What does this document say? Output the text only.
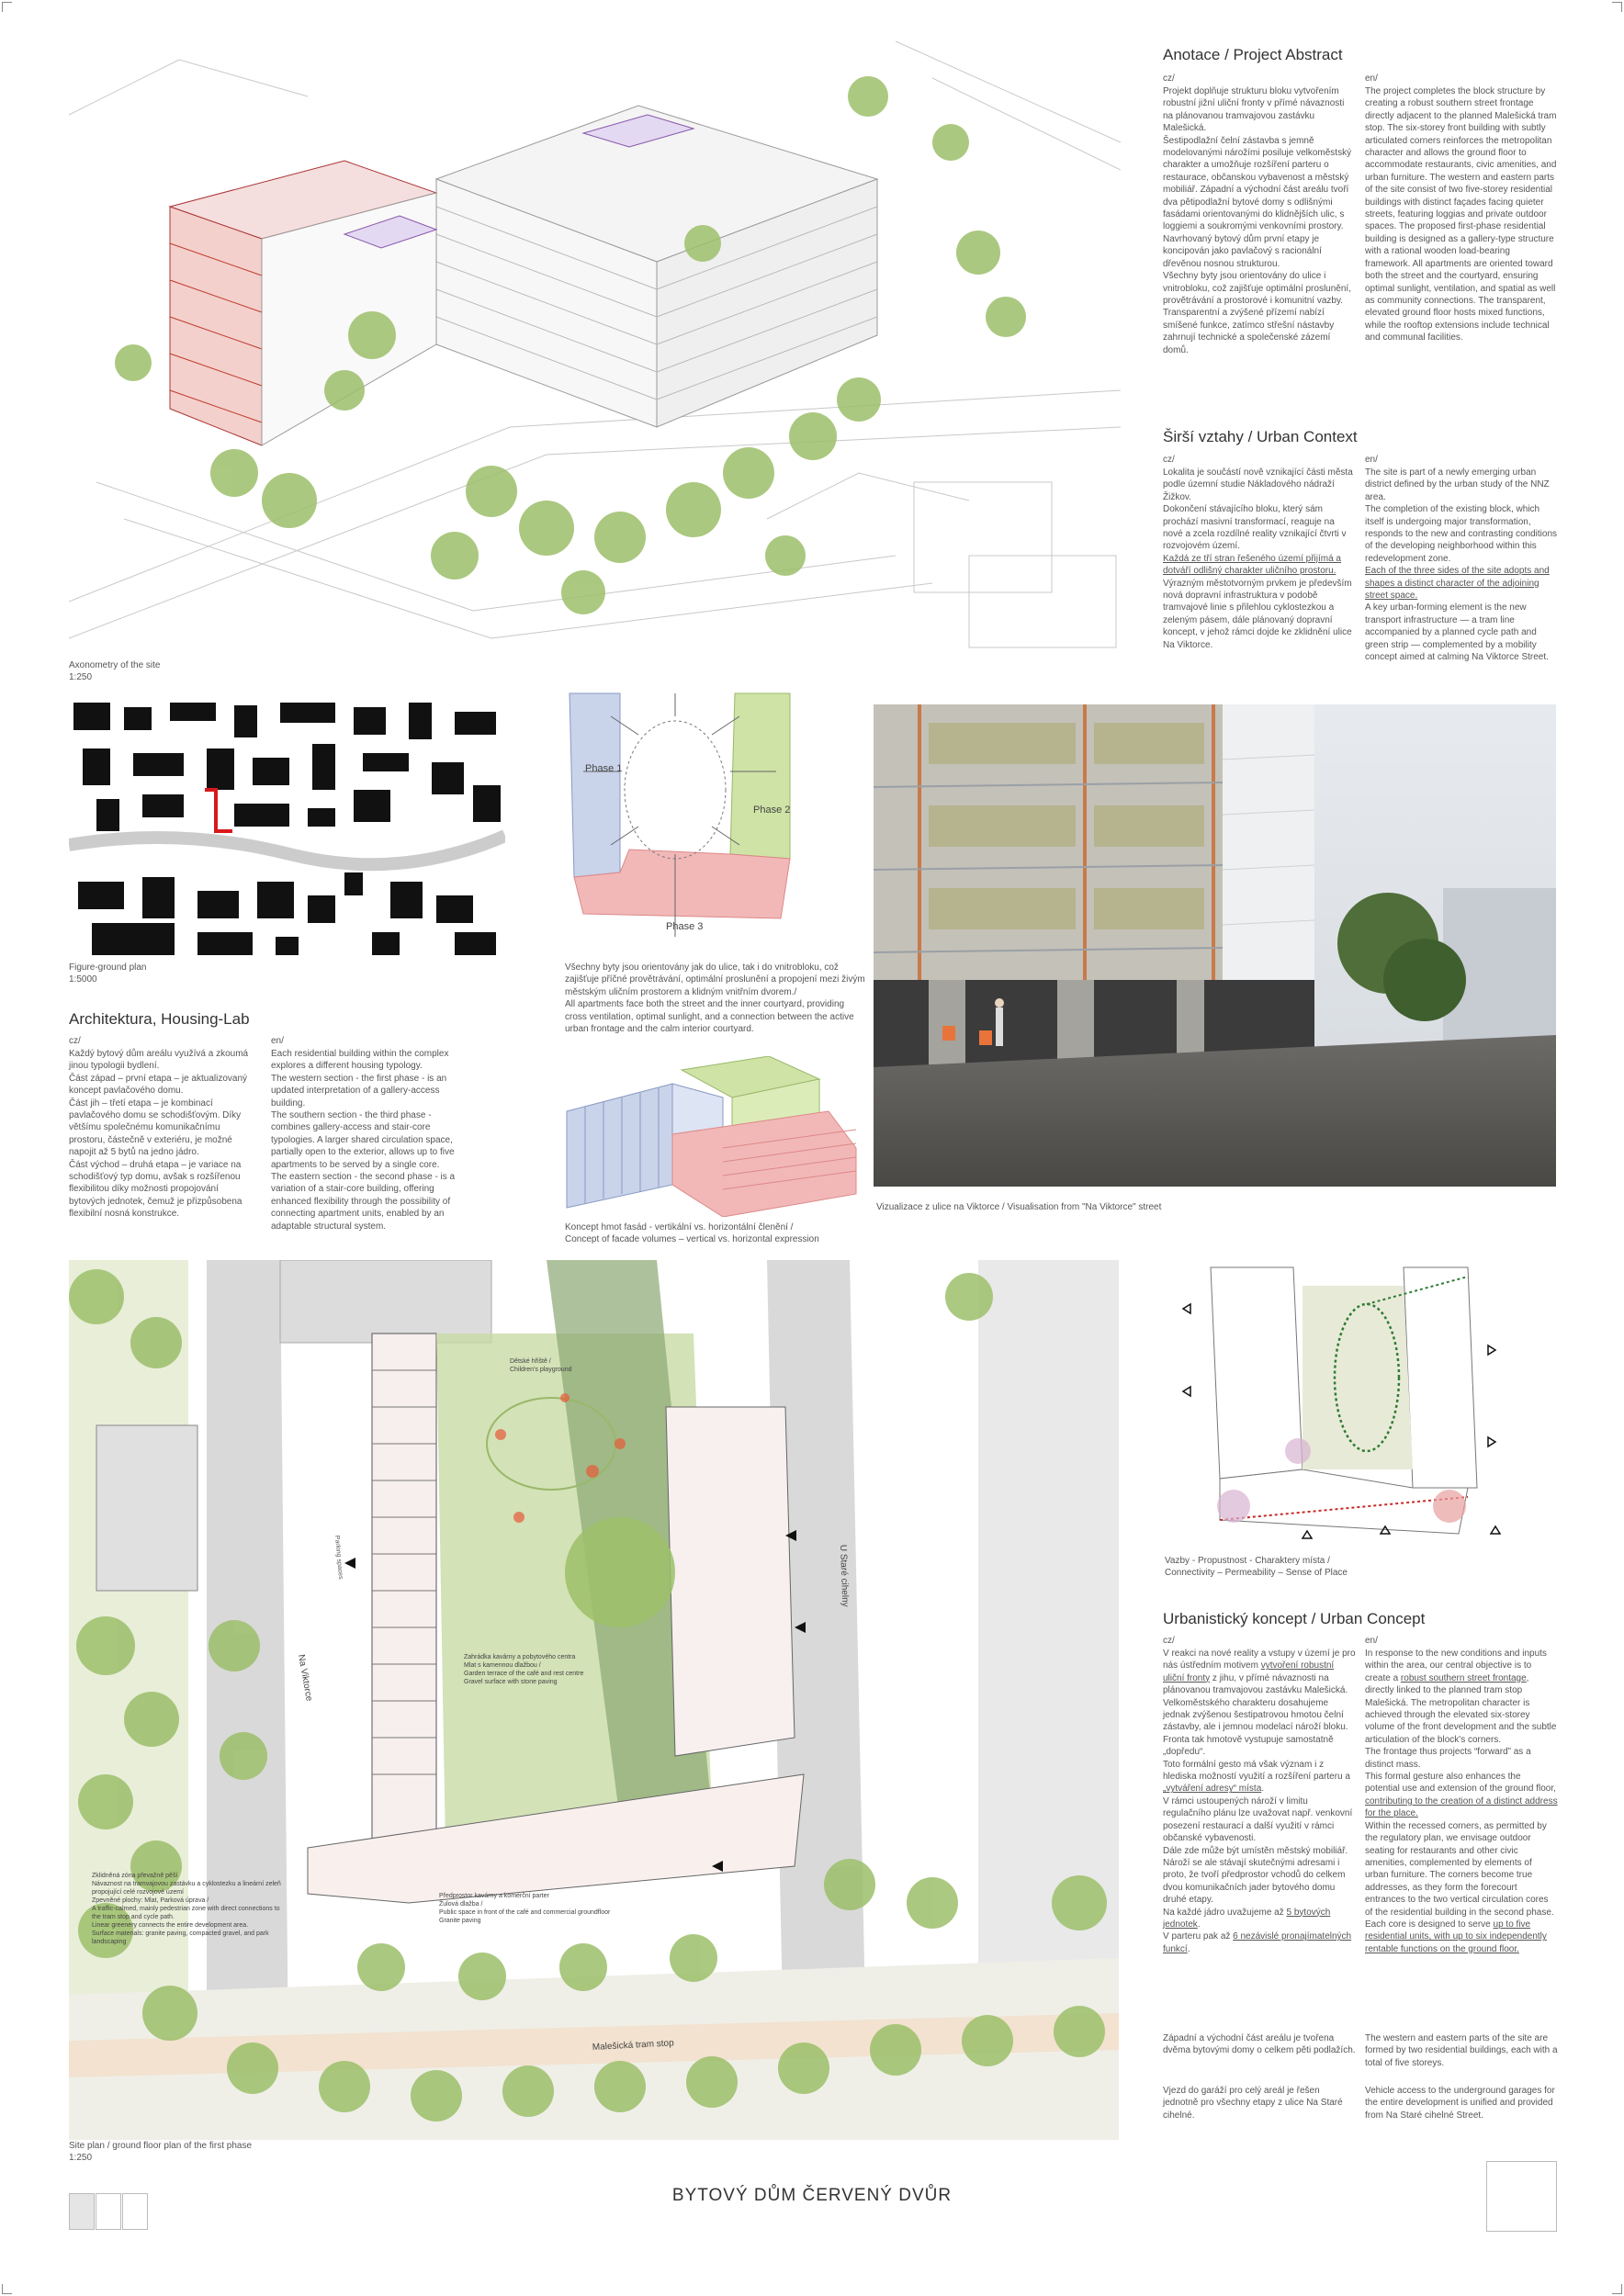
Axonometry of the site
1:250
Anotace / Project Abstract
cz/	en/
Projekt doplňuje strukturu bloku vytvořením robustní jižní uliční fronty v přímé návaznosti na plánovanou tramvajovou zastávku Malešická.
Šestipodlažní čelní zástavba s jemně modelovanými nárožími posiluje velkoměstský charakter a umožňuje rozšíření parteru o restaurace, občanskou vybavenost a městský mobiliář. Západní a východní část areálu tvoří dva pětipodlažní bytové domy s odlišnými fasádami orientovanými do klidnějších ulic, s loggiemi a soukromými venkovními prostory. Navrhovaný bytový dům první etapy je koncipován jako pavlačový s racionální dřevěnou nosnou strukturou.
Všechny byty jsou orientovány do ulice i vnitrobloku, což zajišťuje optimální proslunění, provětrávání a prostorové i komunitní vazby. Transparentní a zvýšené přízemí nabízí smíšené funkce, zatímco střešní nástavby zahrnují technické a společenské zázemí domů.
The project completes the block structure by creating a robust southern street frontage directly adjacent to the planned Malešická tram stop. The six-storey front building with subtly articulated corners reinforces the metropolitan character and allows the ground floor to accommodate restaurants, civic amenities, and urban furniture. The western and eastern parts of the site consist of two five-storey residential buildings with distinct façades facing quieter streets, featuring loggias and private outdoor spaces. The proposed first-phase residential building is designed as a gallery-type structure with a rational wooden load-bearing framework. All apartments are oriented toward both the street and the courtyard, ensuring optimal sunlight, ventilation, and spatial as well as community connections. The transparent, elevated ground floor hosts mixed functions, while the rooftop extensions include technical and communal facilities.
Širší vztahy / Urban Context
cz/	en/
Lokalita je součástí nově vznikající části města podle územní studie Nákladového nádraží Žižkov.
Dokončení stávajícího bloku, který sám prochází masivní transformací, reaguje na nové a zcela rozdílné reality vznikající čtvrti v rozvojovém území.
Každá ze tří stran řešeného území přijímá a dotváří odlišný charakter uličního prostoru.
Výrazným městotvorným prvkem je především nová dopravní infrastruktura v podobě tramvajové linie s přilehlou cyklostezkou a zeleným pásem, dále plánovaný dopravní koncept, v jehož rámci dojde ke zklidnění ulice Na Viktorce.
The site is part of a newly emerging urban district defined by the urban study of the NNZ area.
The completion of the existing block, which itself is undergoing major transformation, responds to the new and contrasting conditions of the developing neighborhood within this redevelopment zone.
Each of the three sides of the site adopts and shapes a distinct character of the adjoining street space.
A key urban-forming element is the new transport infrastructure — a tram line accompanied by a planned cycle path and green strip — complemented by a mobility concept aimed at calming Na Viktorce Street.
Figure-ground plan
1:5000
Phase 1
Phase 2
Phase 3
Všechny byty jsou orientovány jak do ulice, tak i do vnitrobloku, což zajišťuje příčné provětrávání, optimální proslunění a propojení mezi živým městským uličním prostorem a klidným vnitřním dvorem./
All apartments face both the street and the inner courtyard, providing cross ventilation, optimal sunlight, and a connection between the active urban frontage and the calm interior courtyard.
Koncept hmot fasád - vertikální vs. horizontální členění /
Concept of facade volumes – vertical vs. horizontal expression
Architektura, Housing-Lab
cz/	en/
Každý bytový dům areálu využívá a zkoumá jinou typologii bydlení.
Část západ – první etapa – je aktualizovaný koncept pavlačového domu.
Část jih – třetí etapa – je kombinací pavlačového domu se schodišťovým. Díky většímu společnému komunikačnímu prostoru, částečně v exteriéru, je možné napojit až 5 bytů na jedno jádro.
Část východ – druhá etapa – je variace na schodišťový typ domu, avšak s rozšířenou flexibilitou díky možnosti propojování bytových jednotek, čemuž je přizpůsobena flexibilní nosná konstrukce.
Each residential building within the complex explores a different housing typology.
The western section - the first phase - is an updated interpretation of a gallery-access building.
The southern section - the third phase - combines gallery-access and stair-core typologies. A larger shared circulation space, partially open to the exterior, allows up to five apartments to be served by a single core.
The eastern section - the second phase - is a variation of a stair-core building, offering enhanced flexibility through the possibility of connecting apartment units, enabled by an adaptable structural system.
Vizualizace z ulice na Viktorce / Visualisation from "Na Viktorce" street
Na Viktorce
U Staré cihelny
Malešická tram stop
Parking spaces
Dětské hřiště /
Children's playground
Zahrádka kavárny a pobytového centra
Mlat s kamennou dlažbou /
Garden terrace of the café and rest centre
Gravel surface with stone paving
Zklidněná zóna převažně pěší
Návaznost na tramvajovou zastávku a cyklostezku a lineární zeleň propojující celé rozvojové území
Zpevněné plochy: Mlat, Parková úprava /
A traffic-calmed, mainly pedestrian zone with direct connections to the tram stop and cycle path.
Linear greenery connects the entire development area.
Surface materials: granite paving, compacted gravel, and park landscaping
Předprostor kavárny a komerční parter
Žulová dlažba /
Public space in front of the café and commercial groundfloor
Granite paving
Site plan / ground floor plan of the first phase
1:250
Vazby - Propustnost - Charaktery místa /
Connectivity – Permeability – Sense of Place
Urbanistický koncept / Urban Concept
cz/	en/
V reakci na nové reality a vstupy v území je pro nás ústředním motivem vytvoření robustní uliční fronty z jihu, v přímé návaznosti na plánovanou tramvajovou zastávku Malešická.
Velkoměstského charakteru dosahujeme jednak zvýšenou šestipatrovou hmotou čelní zástavby, ale i jemnou modelací nároží bloku.
Fronta tak hmotově vystupuje samostatně „dopředu“.
Toto formální gesto má však význam i z hlediska možností využití a rozšíření parteru a „vytváření adresy“ místa.
V rámci ustoupených nároží v limitu regulačního plánu lze uvažovat např. venkovní posezení restaurací a další využití v rámci občanské vybavenosti.
Dále zde může být umístěn městský mobiliář.
Nároží se ale stávají skutečnými adresami i proto, že tvoří předprostor vchodů do celkem dvou komunikačních jader bytového domu druhé etapy.
Na každé jádro uvažujeme až 5 bytových jednotek.
V parteru pak až 6 nezávislé pronajímatelných funkcí.
In response to the new conditions and inputs within the area, our central objective is to create a robust southern street frontage, directly linked to the planned tram stop Malešická. The metropolitan character is achieved through the elevated six-storey volume of the front development and the subtle articulation of the block's corners.
The frontage thus projects “forward” as a distinct mass.
This formal gesture also enhances the potential use and extension of the ground floor, contributing to the creation of a distinct address for the place.
Within the recessed corners, as permitted by the regulatory plan, we envisage outdoor seating for restaurants and other civic amenities, complemented by elements of urban furniture. The corners become true addresses, as they form the forecourt entrances to the two vertical circulation cores of the residential building in the second phase.
Each core is designed to serve up to five residential units, with up to six independently rentable functions on the ground floor.
Západní a východní část areálu je tvořena dvěma bytovými domy o celkem pěti podlažích.
The western and eastern parts of the site are formed by two residential buildings, each with a total of five storeys.
Vjezd do garáží pro celý areál je řešen jednotně pro všechny etapy z ulice Na Staré cihelné.
Vehicle access to the underground garages for the entire development is unified and provided from Na Staré cihelné Street.
BYTOVÝ DŮM ČERVENÝ DVŮR
